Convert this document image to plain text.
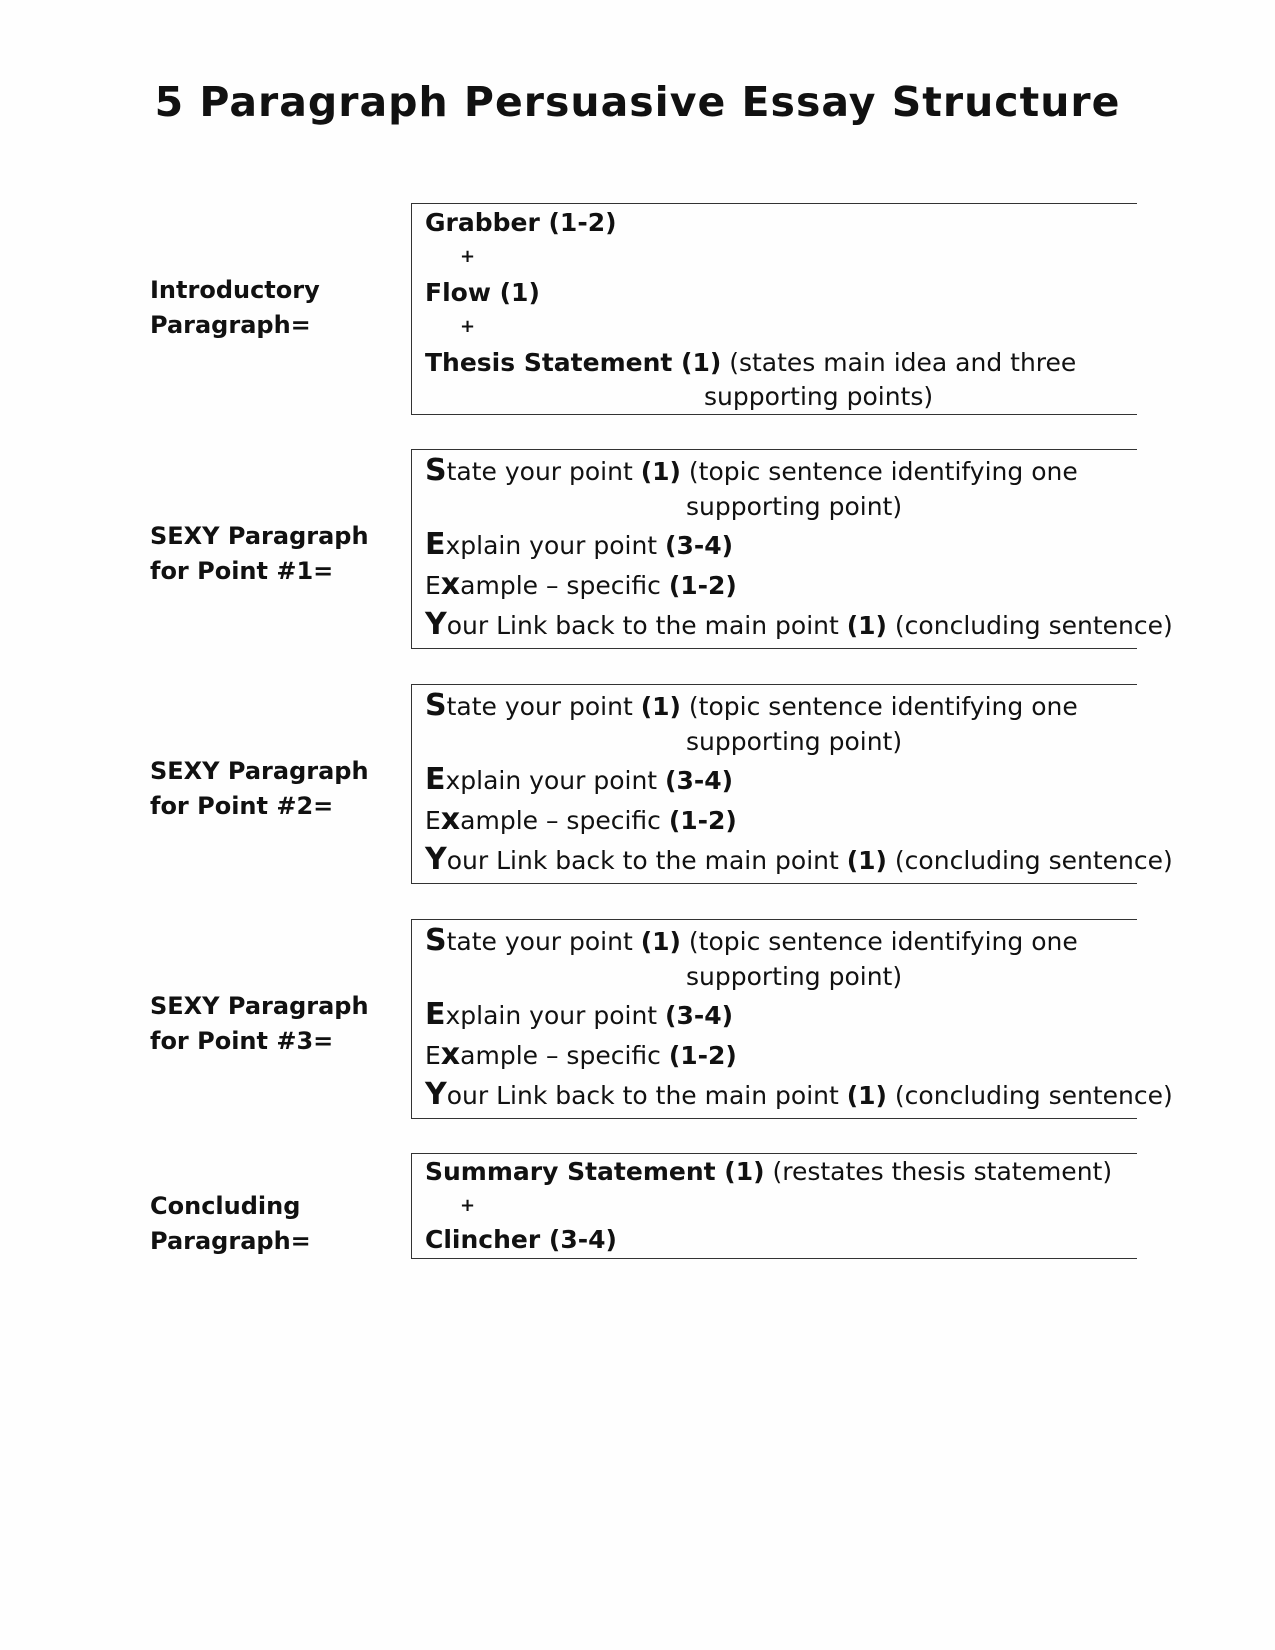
5 Paragraph Persuasive Essay Structure
Introductory
Paragraph=
Grabber (1-2)
+
Flow (1)
+
Thesis Statement (1) (states main idea and three
supporting points)
SEXY Paragraph
for Point #1=
State your point (1) (topic sentence identifying one
supporting point)
Explain your point (3-4)
Example – specific (1-2)
Your Link back to the main point (1) (concluding sentence)
SEXY Paragraph
for Point #2=
State your point (1) (topic sentence identifying one
supporting point)
Explain your point (3-4)
Example – specific (1-2)
Your Link back to the main point (1) (concluding sentence)
SEXY Paragraph
for Point #3=
State your point (1) (topic sentence identifying one
supporting point)
Explain your point (3-4)
Example – specific (1-2)
Your Link back to the main point (1) (concluding sentence)
Concluding
Paragraph=
Summary Statement (1) (restates thesis statement)
+
Clincher (3-4)
